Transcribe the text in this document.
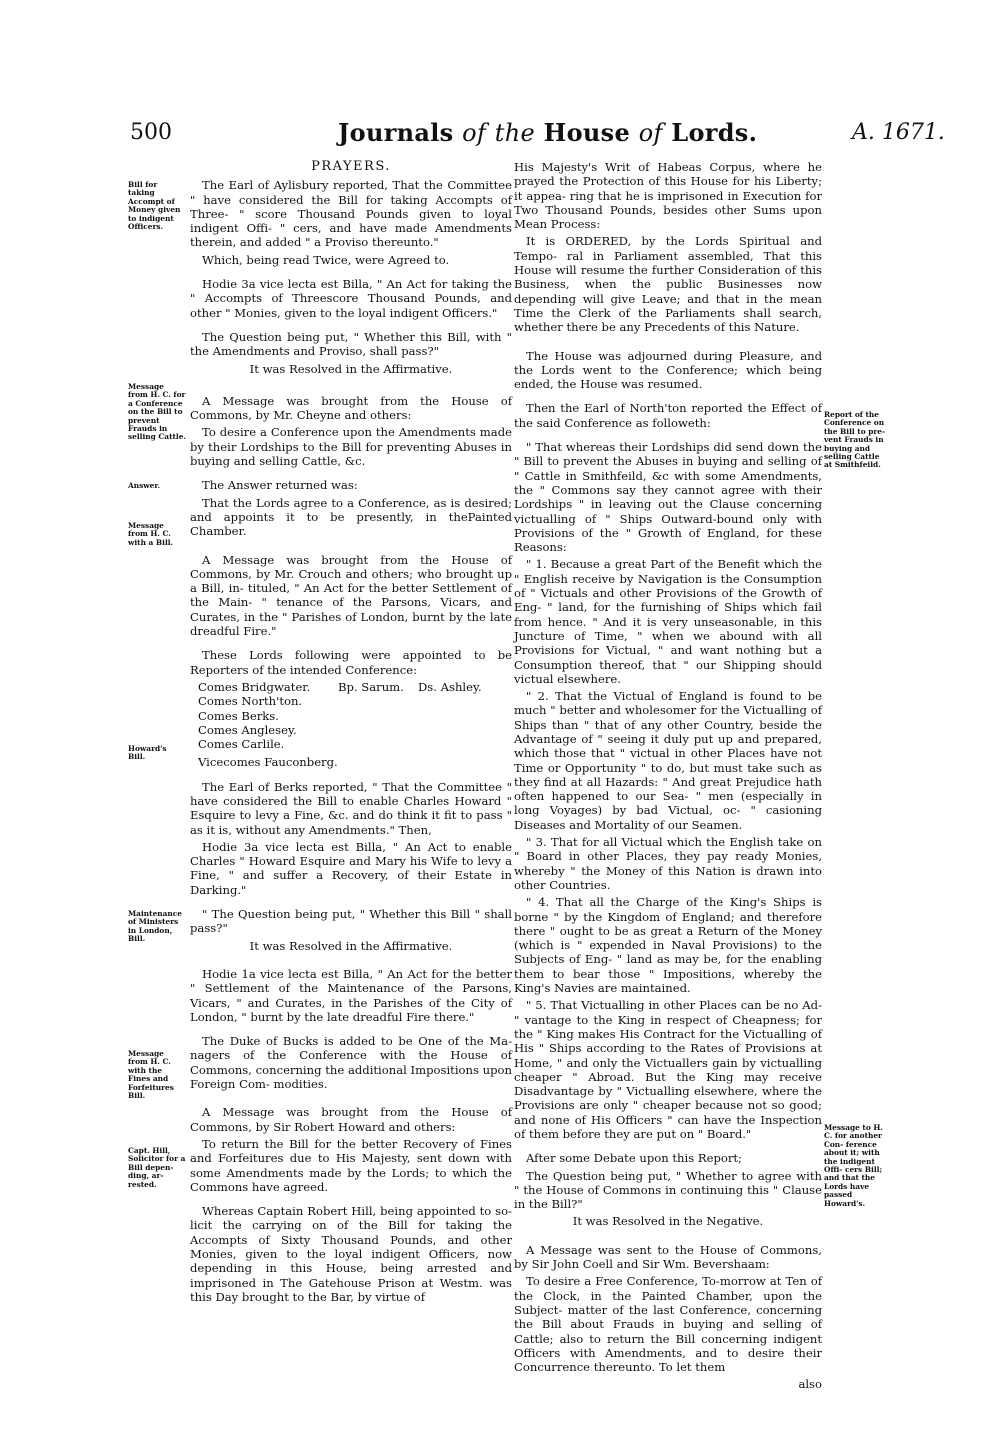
500	Journals of the House of Lords.	A. 1671.
Bill for taking Accompt of Money given to indigent Officers.
Message from H. C. for a Conference on the Bill to prevent Frauds in selling Cattle.
Answer.
Message from H. C. with a Bill.
Howard's Bill.
Maintenance of Ministers in London, Bill.
Message from H. C. with the Fines and Forfeitures Bill.
Capt. Hill, Solicitor for a Bill depen- ding, ar- rested.
Report of the Conference on the Bill to pre- vent Frauds in buying and selling Cattle at Smithfeild.
Message to H. C. for another Con- ference about it; with the indigent Offi- cers Bill; and that the Lords have passed Howard's.
PRAYERS.

The Earl of Aylisbury reported, That the Committee " have considered the Bill for taking Accompts of Three- " score Thousand Pounds given to loyal indigent Offi- " cers, and have made Amendments therein, and added " a Proviso thereunto."

Which, being read Twice, were Agreed to.

Hodie 3a vice lecta est Billa, " An Act for taking the " Accompts of Threescore Thousand Pounds, and other " Monies, given to the loyal indigent Officers."

The Question being put, " Whether this Bill, with " the Amendments and Proviso, shall pass?"

It was Resolved in the Affirmative.

A Message was brought from the House of Commons, by Mr. Cheyne and others:

To desire a Conference upon the Amendments made by their Lordships to the Bill for preventing Abuses in buying and selling Cattle, &c.

The Answer returned was:

That the Lords agree to a Conference, as is desired; and appoints it to be presently, in thePainted Chamber.

A Message was brought from the House of Commons, by Mr. Crouch and others; who brought up a Bill, in- tituled, " An Act for the better Settlement of the Main- " tenance of the Parsons, Vicars, and Curates, in the " Parishes of London, burnt by the late dreadful Fire."

These Lords following were appointed to be Reporters of the intended Conference:

Comes Bridgwater. Bp. Sarum. Ds. Ashley.
Comes North'ton.
Comes Berks.
Comes Anglesey.
Comes Carlile.
Vicecomes Fauconberg.

The Earl of Berks reported, " That the Committee " have considered the Bill to enable Charles Howard " Esquire to levy a Fine, &c. and do think it fit to pass " as it is, without any Amendments." Then,

Hodie 3a vice lecta est Billa, " An Act to enable Charles " Howard Esquire and Mary his Wife to levy a Fine, " and suffer a Recovery, of their Estate in Darking."

" The Question being put, " Whether this Bill " shall pass?"

It was Resolved in the Affirmative.

Hodie 1a vice lecta est Billa, " An Act for the better " Settlement of the Maintenance of the Parsons, Vicars, " and Curates, in the Parishes of the City of London, " burnt by the late dreadful Fire there."

The Duke of Bucks is added to be One of the Ma- nagers of the Conference with the House of Commons, concerning the additional Impositions upon Foreign Com- modities.

A Message was brought from the House of Commons, by Sir Robert Howard and others:

To return the Bill for the better Recovery of Fines and Forfeitures due to His Majesty, sent down with some Amendments made by the Lords; to which the Commons have agreed.

Whereas Captain Robert Hill, being appointed to so- licit the carrying on of the Bill for taking the Accompts of Sixty Thousand Pounds, and other Monies, given to the loyal indigent Officers, now depending in this House, being arrested and imprisoned in The Gatehouse Prison at Westm. was this Day brought to the Bar, by virtue of

His Majesty's Writ of Habeas Corpus, where he prayed the Protection of this House for his Liberty; it appea- ring that he is imprisoned in Execution for Two Thousand Pounds, besides other Sums upon Mean Process:

It is ORDERED, by the Lords Spiritual and Tempo- ral in Parliament assembled, That this House will resume the further Consideration of this Business, when the public Businesses now depending will give Leave; and that in the mean Time the Clerk of the Parliaments shall search, whether there be any Precedents of this Nature.

The House was adjourned during Pleasure, and the Lords went to the Conference; which being ended, the House was resumed.

Then the Earl of North'ton reported the Effect of the said Conference as followeth:

" That whereas their Lordships did send down the " Bill to prevent the Abuses in buying and selling of " Cattle in Smithfeild, &c with some Amendments, the " Commons say they cannot agree with their Lordships " in leaving out the Clause concerning victualling of " Ships Outward-bound only with Provisions of the " Growth of England, for these Reasons:

" 1. Because a great Part of the Benefit which the " English receive by Navigation is the Consumption of " Victuals and other Provisions of the Growth of Eng- " land, for the furnishing of Ships which fail from hence. " And it is very unseasonable, in this Juncture of Time, " when we abound with all Provisions for Victual, " and want nothing but a Consumption thereof, that " our Shipping should victual elsewhere.

" 2. That the Victual of England is found to be much " better and wholesomer for the Victualling of Ships than " that of any other Country, beside the Advantage of " seeing it duly put up and prepared, which those that " victual in other Places have not Time or Opportunity " to do, but must take such as they find at all Hazards: " And great Prejudice hath often happened to our Sea- " men (especially in long Voyages) by bad Victual, oc- " casioning Diseases and Mortality of our Seamen.

" 3. That for all Victual which the English take on " Board in other Places, they pay ready Monies, whereby " the Money of this Nation is drawn into other Countries.

" 4. That all the Charge of the King's Ships is borne " by the Kingdom of England; and therefore there " ought to be as great a Return of the Money (which is " expended in Naval Provisions) to the Subjects of Eng- " land as may be, for the enabling them to bear those " Impositions, whereby the King's Navies are maintained.

" 5. That Victualling in other Places can be no Ad- " vantage to the King in respect of Cheapness; for the " King makes His Contract for the Victualling of His " Ships according to the Rates of Provisions at Home, " and only the Victuallers gain by victualling cheaper " Abroad. But the King may receive Disadvantage by " Victualling elsewhere, where the Provisions are only " cheaper because not so good; and none of His Officers " can have the Inspection of them before they are put on " Board."

After some Debate upon this Report;

The Question being put, " Whether to agree with " the House of Commons in continuing this " Clause in the Bill?"

It was Resolved in the Negative.

A Message was sent to the House of Commons, by Sir John Coell and Sir Wm. Bevershaam:

To desire a Free Conference, To-morrow at Ten of the Clock, in the Painted Chamber, upon the Subject- matter of the last Conference, concerning the Bill about Frauds in buying and selling of Cattle; also to return the Bill concerning indigent Officers with Amendments, and to desire their Concurrence thereunto. To let them

also
